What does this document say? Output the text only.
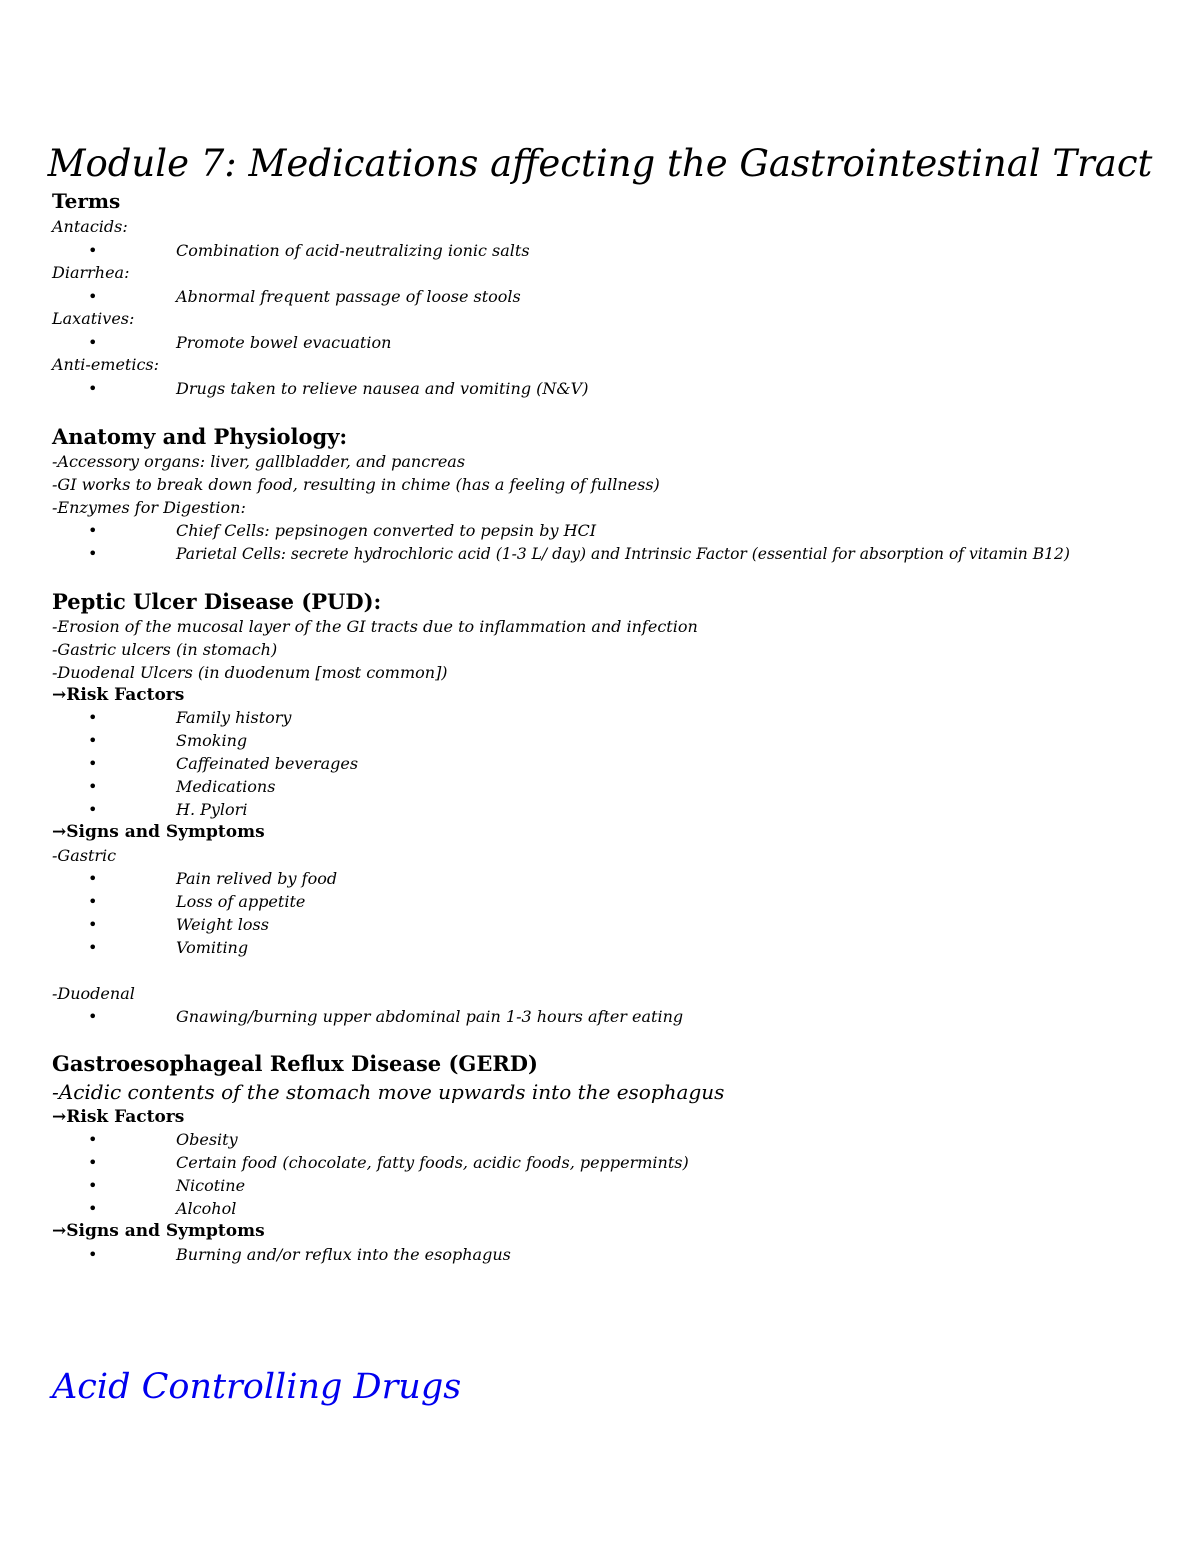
Module 7: Medications affecting the Gastrointestinal Tract
Terms
Antacids:
•	Combination of acid-neutralizing ionic salts
Diarrhea:
•	Abnormal frequent passage of loose stools
Laxatives:
•	Promote bowel evacuation
Anti-emetics:
•	Drugs taken to relieve nausea and vomiting (N&V)
Anatomy and Physiology:
-Accessory organs: liver, gallbladder, and pancreas
-GI works to break down food, resulting in chime (has a feeling of fullness)
-Enzymes for Digestion:
•	Chief Cells: pepsinogen converted to pepsin by HCI
•	Parietal Cells: secrete hydrochloric acid (1-3 L/ day) and Intrinsic Factor (essential for absorption of vitamin B12)
Peptic Ulcer Disease (PUD):
-Erosion of the mucosal layer of the GI tracts due to inflammation and infection
-Gastric ulcers (in stomach)
-Duodenal Ulcers (in duodenum [most common])
→Risk Factors
•	Family history
•	Smoking
•	Caffeinated beverages
•	Medications
•	H. Pylori
→Signs and Symptoms
-Gastric
•	Pain relived by food
•	Loss of appetite
•	Weight loss
•	Vomiting
-Duodenal
•	Gnawing/burning upper abdominal pain 1-3 hours after eating
Gastroesophageal Reflux Disease (GERD)
-Acidic contents of the stomach move upwards into the esophagus
→Risk Factors
•	Obesity
•	Certain food (chocolate, fatty foods, acidic foods, peppermints)
•	Nicotine
•	Alcohol
→Signs and Symptoms
•	Burning and/or reflux into the esophagus
Acid Controlling Drugs
